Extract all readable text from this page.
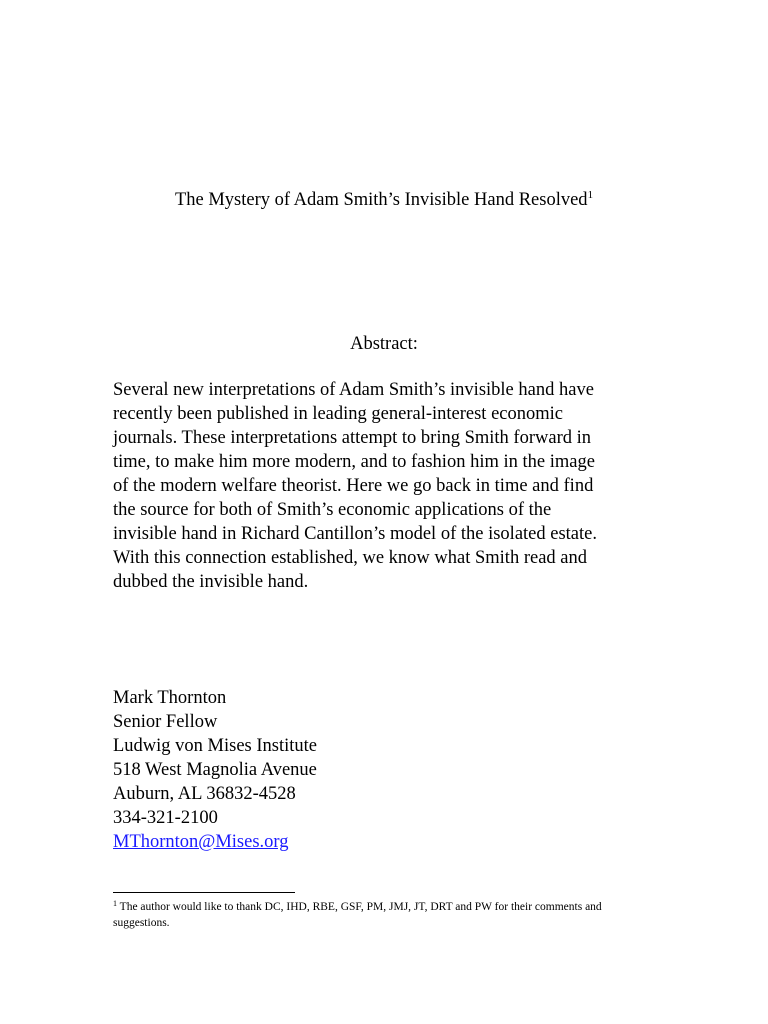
The Mystery of Adam Smith’s Invisible Hand Resolved$^1$
Abstract:
Several new interpretations of Adam Smith’s invisible hand have
recently been published in leading general-interest economic
journals. These interpretations attempt to bring Smith forward in
time, to make him more modern, and to fashion him in the image
of the modern welfare theorist. Here we go back in time and find
the source for both of Smith’s economic applications of the
invisible hand in Richard Cantillon’s model of the isolated estate.
With this connection established, we know what Smith read and
dubbed the invisible hand.
Mark Thornton
Senior Fellow
Ludwig von Mises Institute
518 West Magnolia Avenue
Auburn, AL 36832-4528
334-321-2100
MThornton@Mises.org
$^1$ The author would like to thank DC, IHD, RBE, GSF, PM, JMJ, JT, DRT and PW for their comments and
suggestions.
